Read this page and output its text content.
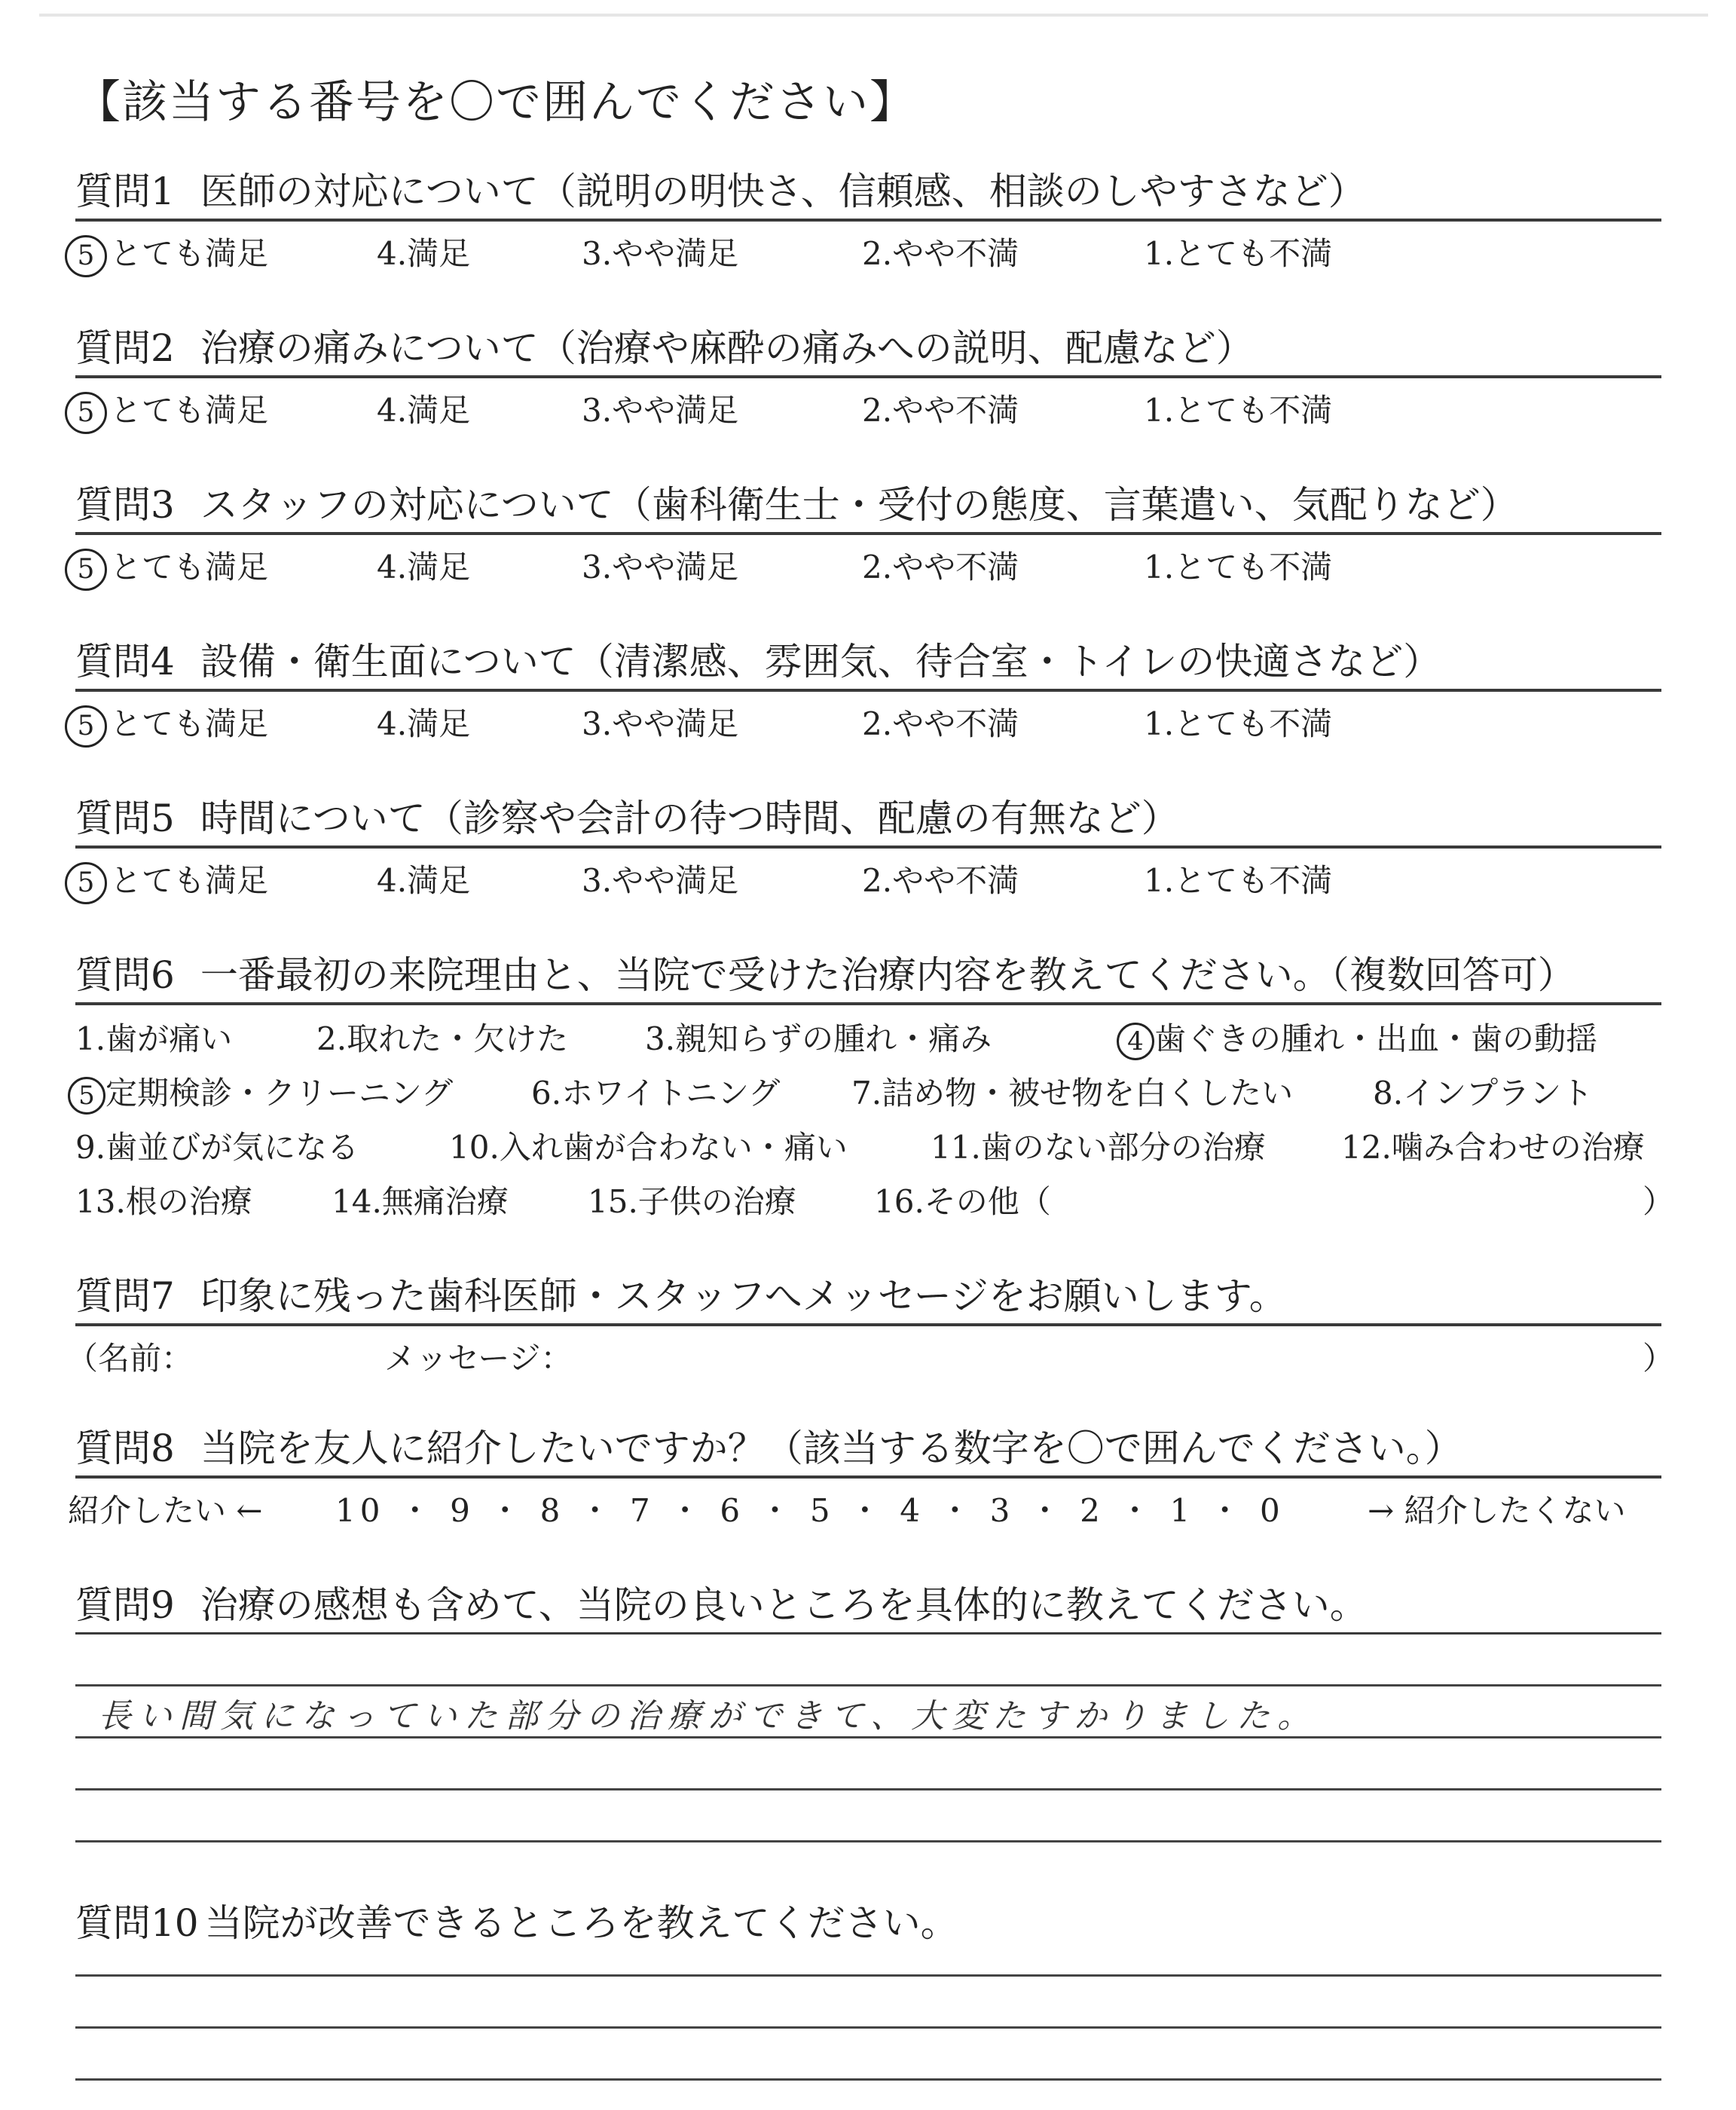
【該当する番号を〇で囲んでください】
質問1 医師の対応について（説明の明快さ、信頼感、相談のしやすさなど）
5 とても満足	4.満足	3.やや満足	2.やや不満	1.とても不満
質問2 治療の痛みについて（治療や麻酔の痛みへの説明、配慮など）
5 とても満足	4.満足	3.やや満足	2.やや不満	1.とても不満
質問3 スタッフの対応について（歯科衛生士・受付の態度、言葉遣い、気配りなど）
5 とても満足	4.満足	3.やや満足	2.やや不満	1.とても不満
質問4 設備・衛生面について（清潔感、雰囲気、待合室・トイレの快適さなど）
5 とても満足	4.満足	3.やや満足	2.やや不満	1.とても不満
質問5 時間について（診察や会計の待つ時間、配慮の有無など）
5 とても満足	4.満足	3.やや満足	2.やや不満	1.とても不満
質問6 一番最初の来院理由と、当院で受けた治療内容を教えてください。（複数回答可）
1.歯が痛い	2.取れた・欠けた 3.親知らずの腫れ・痛み	4 歯ぐきの腫れ・出血・歯の動揺
5 定期検診・クリーニング 6.ホワイトニング 7.詰め物・被せ物を白くしたい	8.インプラント
9.歯並びが気になる	10.入れ歯が合わない・痛い	11.歯のない部分の治療 12.噛み合わせの治療
13.根の治療	14.無痛治療	15.子供の治療 16.その他（	）
質問7 印象に残った歯科医師・スタッフへメッセージをお願いします。
（名前：	メッセージ：	）
質問8 当院を友人に紹介したいですか？（該当する数字を〇で囲んでください。）
紹介したい ← 10 ・ 9 ・ 8 ・ 7 ・ 6 ・ 5 ・ 4 ・ 3 ・ 2 ・ 1 ・ 0	→ 紹介したくない
質問9 治療の感想も含めて、当院の良いところを具体的に教えてください。
長い間気になっていた部分の治療ができて、大変たすかりました。
質問10 当院が改善できるところを教えてください。
